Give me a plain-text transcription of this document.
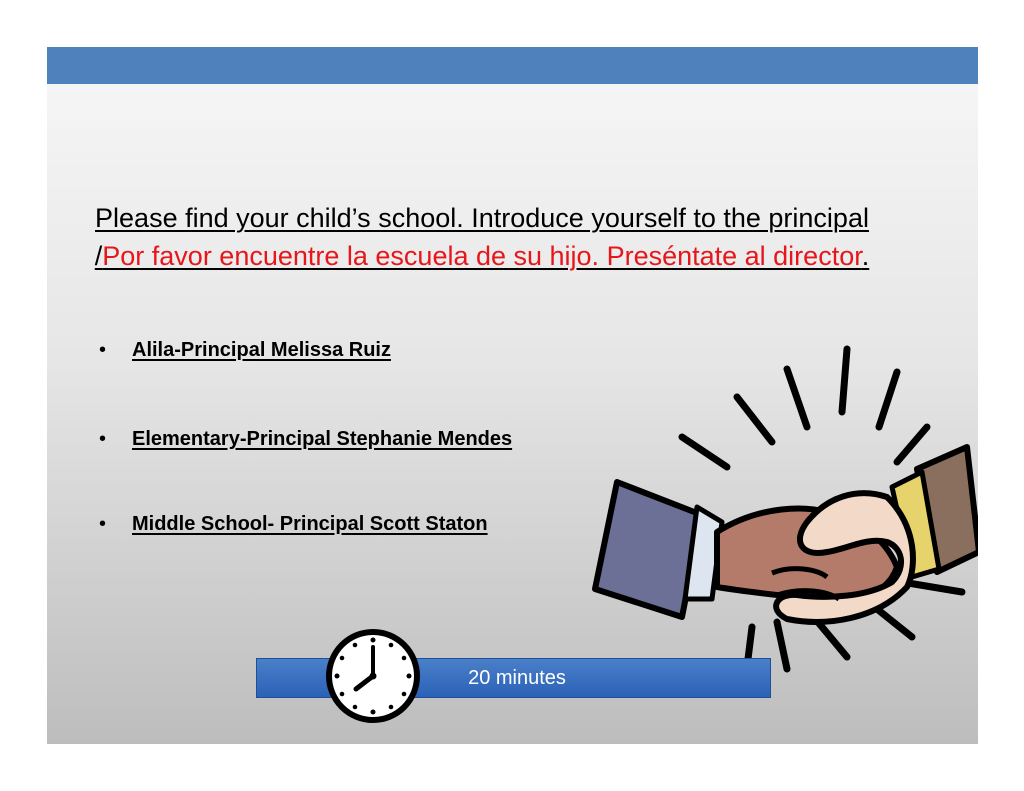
Please find your child’s school. Introduce yourself to the principal /Por favor encuentre la escuela de su hijo. Preséntate al director.
• Alila-Principal Melissa Ruiz
• Elementary-Principal Stephanie Mendes
• Middle School- Principal Scott Staton
20 minutes
